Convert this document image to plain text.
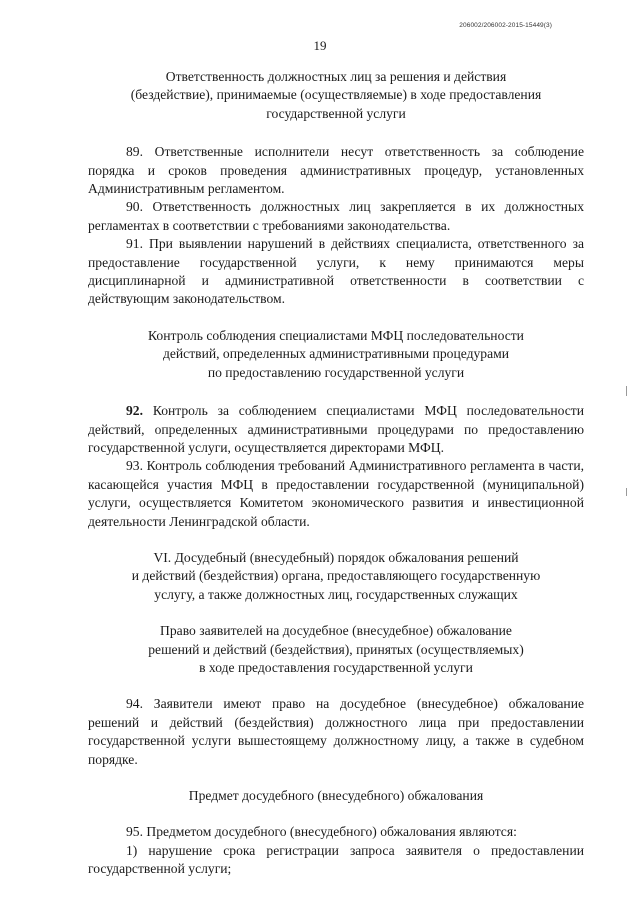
206002/206002-2015-15449(3)
19
Ответственность должностных лиц за решения и действия
(бездействие), принимаемые (осуществляемые) в ходе предоставления
государственной услуги

89. Ответственные исполнители несут ответственность за соблюдение порядка и сроков проведения административных процедур, установленных Административным регламентом.

90. Ответственность должностных лиц закрепляется в их должностных регламентах в соответствии с требованиями законодательства.

91. При выявлении нарушений в действиях специалиста, ответственного за предоставление государственной услуги, к нему принимаются меры дисциплинарной и административной ответственности в соответствии с действующим законодательством.

Контроль соблюдения специалистами МФЦ последовательности
действий, определенных административными процедурами
по предоставлению государственной услуги

92. Контроль за соблюдением специалистами МФЦ последовательности действий, определенных административными процедурами по предоставлению государственной услуги, осуществляется директорами МФЦ.

93. Контроль соблюдения требований Административного регламента в части, касающейся участия МФЦ в предоставлении государственной (муниципальной) услуги, осуществляется Комитетом экономического развития и инвестиционной деятельности Ленинградской области.

VI. Досудебный (внесудебный) порядок обжалования решений
и действий (бездействия) органа, предоставляющего государственную
услугу, а также должностных лиц, государственных служащих
Право заявителей на досудебное (внесудебное) обжалование
решений и действий (бездействия), принятых (осуществляемых)
в ходе предоставления государственной услуги

94. Заявители имеют право на досудебное (внесудебное) обжалование решений и действий (бездействия) должностного лица при предоставлении государственной услуги вышестоящему должностному лицу, а также в судебном порядке.

Предмет досудебного (внесудебного) обжалования

95. Предметом досудебного (внесудебного) обжалования являются:

1) нарушение срока регистрации запроса заявителя о предоставлении государственной услуги;
